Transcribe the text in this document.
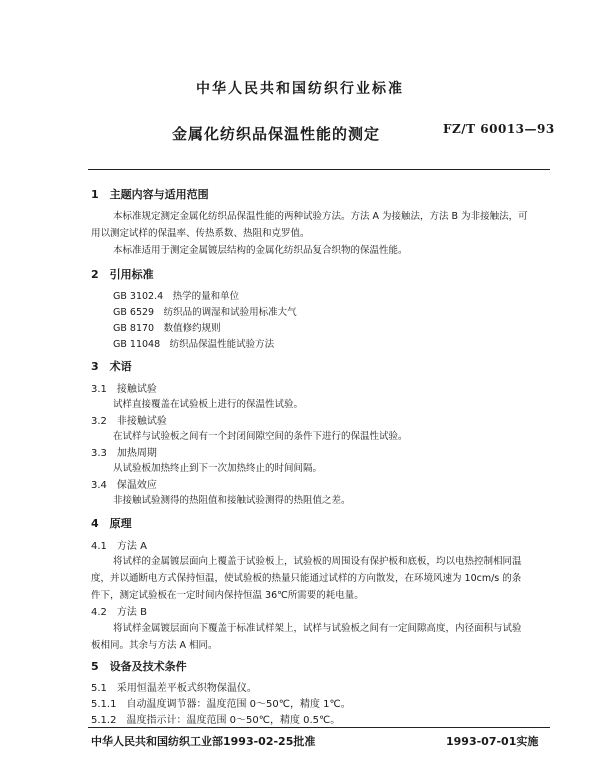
中华人民共和国纺织行业标准
金属化纺织品保温性能的测定	FZ/T 60013—93
1　主题内容与适用范围
本标准规定测定金属化纺织品保温性能的两种试验方法。方法 A 为接触法，方法 B 为非接触法，可
用以测定试样的保温率、传热系数、热阻和克罗值。
本标准适用于测定金属镀层结构的金属化纺织品复合织物的保温性能。
2　引用标准
GB 3102.4　热学的量和单位
GB 6529　纺织品的调湿和试验用标准大气
GB 8170　数值修约规则
GB 11048　纺织品保温性能试验方法
3　术语
3.1　接触试验
试样直接覆盖在试验板上进行的保温性试验。
3.2　非接触试验
在试样与试验板之间有一个封闭间隙空间的条件下进行的保温性试验。
3.3　加热周期
从试验板加热终止到下一次加热终止的时间间隔。
3.4　保温效应
非接触试验测得的热阻值和接触试验测得的热阻值之差。
4　原理
4.1　方法 A
将试样的金属镀层面向上覆盖于试验板上，试验板的周围设有保护板和底板，均以电热控制相同温
度，并以通断电方式保持恒温，使试验板的热量只能通过试样的方向散发，在环境风速为 10cm/s 的条
件下，测定试验板在一定时间内保持恒温 36℃所需要的耗电量。
4.2　方法 B
将试样金属镀层面向下覆盖于标准试样架上，试样与试验板之间有一定间隙高度，内径面积与试验
板相同。其余与方法 A 相同。
5　设备及技术条件
5.1　采用恒温差平板式织物保温仪。
5.1.1　自动温度调节器：温度范围 0～50℃，精度 1℃。
5.1.2　温度指示计：温度范围 0～50℃，精度 0.5℃。
中华人民共和国纺织工业部1993-02-25批准	1993-07-01实施
